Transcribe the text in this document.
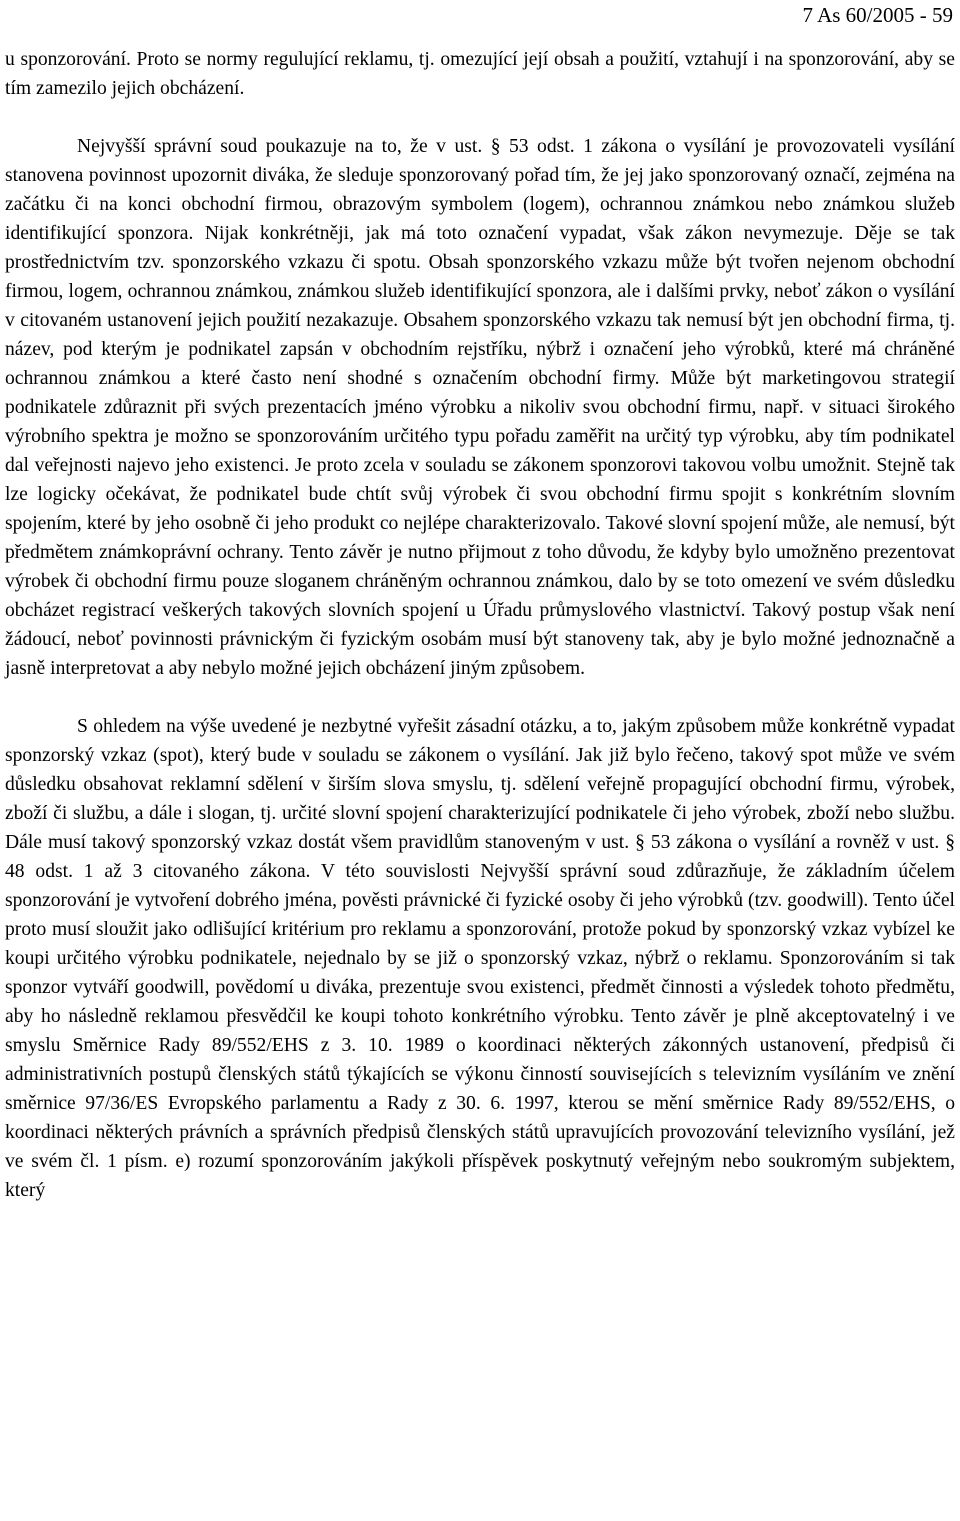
7 As 60/2005 - 59

u sponzorování. Proto se normy regulující reklamu, tj. omezující její obsah a použití, vztahují i na sponzorování, aby se tím zamezilo jejich obcházení.

Nejvyšší správní soud poukazuje na to, že v ust. § 53 odst. 1 zákona o vysílání je provozovateli vysílání stanovena povinnost upozornit diváka, že sleduje sponzorovaný pořad tím, že jej jako sponzorovaný označí, zejména na začátku či na konci obchodní firmou, obrazovým symbolem (logem), ochrannou známkou nebo známkou služeb identifikující sponzora. Nijak konkrétněji, jak má toto označení vypadat, však zákon nevymezuje. Děje se tak prostřednictvím tzv. sponzorského vzkazu či spotu. Obsah sponzorského vzkazu může být tvořen nejenom obchodní firmou, logem, ochrannou známkou, známkou služeb identifikující sponzora, ale i dalšími prvky, neboť zákon o vysílání v citovaném ustanovení jejich použití nezakazuje. Obsahem sponzorského vzkazu tak nemusí být jen obchodní firma, tj. název, pod kterým je podnikatel zapsán v obchodním rejstříku, nýbrž i označení jeho výrobků, které má chráněné ochrannou známkou a které často není shodné s označením obchodní firmy. Může být marketingovou strategií podnikatele zdůraznit při svých prezentacích jméno výrobku a nikoliv svou obchodní firmu, např. v situaci širokého výrobního spektra je možno se sponzorováním určitého typu pořadu zaměřit na určitý typ výrobku, aby tím podnikatel dal veřejnosti najevo jeho existenci. Je proto zcela v souladu se zákonem sponzorovi takovou volbu umožnit. Stejně tak lze logicky očekávat, že podnikatel bude chtít svůj výrobek či svou obchodní firmu spojit s konkrétním slovním spojením, které by jeho osobně či jeho produkt co nejlépe charakterizovalo. Takové slovní spojení může, ale nemusí, být předmětem známkoprávní ochrany. Tento závěr je nutno přijmout z toho důvodu, že kdyby bylo umožněno prezentovat výrobek či obchodní firmu pouze sloganem chráněným ochrannou známkou, dalo by se toto omezení ve svém důsledku obcházet registrací veškerých takových slovních spojení u Úřadu průmyslového vlastnictví. Takový postup však není žádoucí, neboť povinnosti právnickým či fyzickým osobám musí být stanoveny tak, aby je bylo možné jednoznačně a jasně interpretovat a aby nebylo možné jejich obcházení jiným způsobem.

S ohledem na výše uvedené je nezbytné vyřešit zásadní otázku, a to, jakým způsobem může konkrétně vypadat sponzorský vzkaz (spot), který bude v souladu se zákonem o vysílání. Jak již bylo řečeno, takový spot může ve svém důsledku obsahovat reklamní sdělení v širším slova smyslu, tj. sdělení veřejně propagující obchodní firmu, výrobek, zboží či službu, a dále i slogan, tj. určité slovní spojení charakterizující podnikatele či jeho výrobek, zboží nebo službu. Dále musí takový sponzorský vzkaz dostát všem pravidlům stanoveným v ust. § 53 zákona o vysílání a rovněž v ust. § 48 odst. 1 až 3 citovaného zákona. V této souvislosti Nejvyšší správní soud zdůrazňuje, že základním účelem sponzorování je vytvoření dobrého jména, pověsti právnické či fyzické osoby či jeho výrobků (tzv. goodwill). Tento účel proto musí sloužit jako odlišující kritérium pro reklamu a sponzorování, protože pokud by sponzorský vzkaz vybízel ke koupi určitého výrobku podnikatele, nejednalo by se již o sponzorský vzkaz, nýbrž o reklamu. Sponzorováním si tak sponzor vytváří goodwill, povědomí u diváka, prezentuje svou existenci, předmět činnosti a výsledek tohoto předmětu, aby ho následně reklamou přesvědčil ke koupi tohoto konkrétního výrobku. Tento závěr je plně akceptovatelný i ve smyslu Směrnice Rady 89/552/EHS z 3. 10. 1989 o koordinaci některých zákonných ustanovení, předpisů či administrativních postupů členských států týkajících se výkonu činností souvisejících s televizním vysíláním ve znění směrnice 97/36/ES Evropského parlamentu a Rady z 30. 6. 1997, kterou se mění směrnice Rady 89/552/EHS, o koordinaci některých právních a správních předpisů členských států upravujících provozování televizního vysílání, jež ve svém čl. 1 písm. e) rozumí sponzorováním jakýkoli příspěvek poskytnutý veřejným nebo soukromým subjektem, který
